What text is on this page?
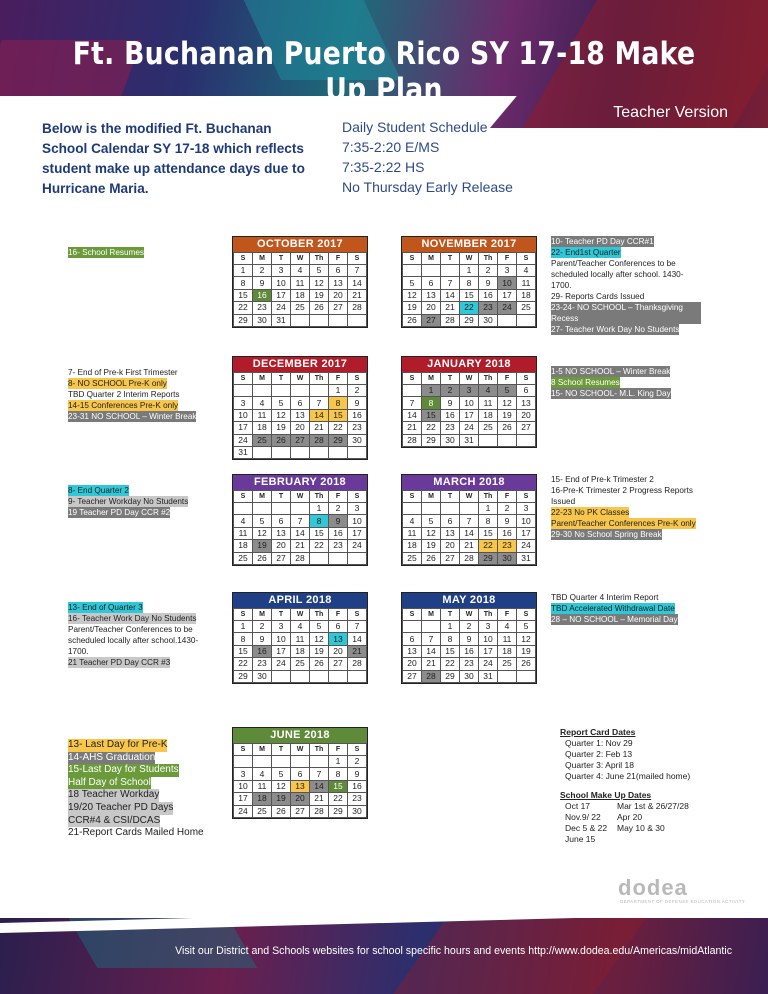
Ft. Buchanan Puerto Rico SY 17-18 Make Up Plan
Teacher Version
Below is the modified Ft. Buchanan School Calendar SY 17-18 which reflects student make up attendance days due to Hurricane Maria.
Daily Student Schedule
7:35-2:20 E/MS
7:35-2:22 HS
No Thursday Early Release
OCTOBER 2017
S	M	T	W	Th	F	S
1	2	3	4	5	6	7
8	9	10	11	12	13	14
15	16	17	18	19	20	21
22	23	24	25	26	27	28
29	30	31				
NOVEMBER 2017
S	M	T	W	Th	F	S
			1	2	3	4
5	6	7	8	9	10	11
12	13	14	15	16	17	18
19	20	21	22	23	24	25
26	27	28	29	30		
DECEMBER 2017
S	M	T	W	Th	F	S
					1	2
3	4	5	6	7	8	9
10	11	12	13	14	15	16
17	18	19	20	21	22	23
24	25	26	27	28	29	30
31						
JANUARY 2018
S	M	T	W	Th	F	S
	1	2	3	4	5	6
7	8	9	10	11	12	13
14	15	16	17	18	19	20
21	22	23	24	25	26	27
28	29	30	31			
FEBRUARY 2018
S	M	T	W	Th	F	S
				1	2	3
4	5	6	7	8	9	10
11	12	13	14	15	16	17
18	19	20	21	22	23	24
25	26	27	28			
MARCH 2018
S	M	T	W	Th	F	S
				1	2	3
4	5	6	7	8	9	10
11	12	13	14	15	16	17
18	19	20	21	22	23	24
25	26	27	28	29	30	31
APRIL 2018
S	M	T	W	Th	F	S
1	2	3	4	5	6	7
8	9	10	11	12	13	14
15	16	17	18	19	20	21
22	23	24	25	26	27	28
29	30					
MAY 2018
S	M	T	W	Th	F	S
		1	2	3	4	5
6	7	8	9	10	11	12
13	14	15	16	17	18	19
20	21	22	23	24	25	26
27	28	29	30	31		
JUNE 2018
S	M	T	W	Th	F	S
					1	2
3	4	5	6	7	8	9
10	11	12	13	14	15	16
17	18	19	20	21	22	23
24	25	26	27	28	29	30
16- School Resumes
10- Teacher PD Day CCR#1
22- End1st Quarter
Parent/Teacher Conferences to be scheduled locally after school. 1430-1700.
29- Reports Cards Issued
23-24- NO SCHOOL – Thanksgiving Recess
27- Teacher Work Day No Students
7- End of Pre-k First Trimester
8- NO SCHOOL Pre-K only
TBD Quarter 2 Interim Reports
14-15 Conferences Pre-K only
23-31 NO SCHOOL – Winter Break
1-5 NO SCHOOL – Winter Break
8 School Resumes
15- NO SCHOOL- M.L. King Day
8- End Quarter 2
9- Teacher Workday No Students
19 Teacher PD Day CCR #2
15- End of Pre-k Trimester 2
16-Pre-K Trimester 2 Progress Reports Issued
22-23 No PK Classes
Parent/Teacher Conferences Pre-K only
29-30 No School Spring Break
13- End of Quarter 3
16- Teacher Work Day No Students
Parent/Teacher Conferences to be scheduled locally after school.1430-1700.
21 Teacher PD Day CCR #3
TBD Quarter 4 Interim Report
TBD Accelerated Withdrawal Date
28 – NO SCHOOL – Memorial Day
13- Last Day for Pre-K
14-AHS Graduation
15-Last Day for Students
Half Day of School
18 Teacher Workday
19/20 Teacher PD Days
CCR#4 & CSI/DCAS
21-Report Cards Mailed Home
Report Card Dates
Quarter 1: Nov 29
Quarter 2: Feb 13
Quarter 3: April 18
Quarter 4: June 21(mailed home)
School Make Up Dates
Oct 17	Mar 1st & 26/27/28
Nov.9/ 22	Apr 20
Dec 5 & 22	May 10 & 30
June 15
dodea
DEPARTMENT OF DEFENSE EDUCATION ACTIVITY
Visit our District and Schools websites for school specific hours and events http://www.dodea.edu/Americas/midAtlantic
